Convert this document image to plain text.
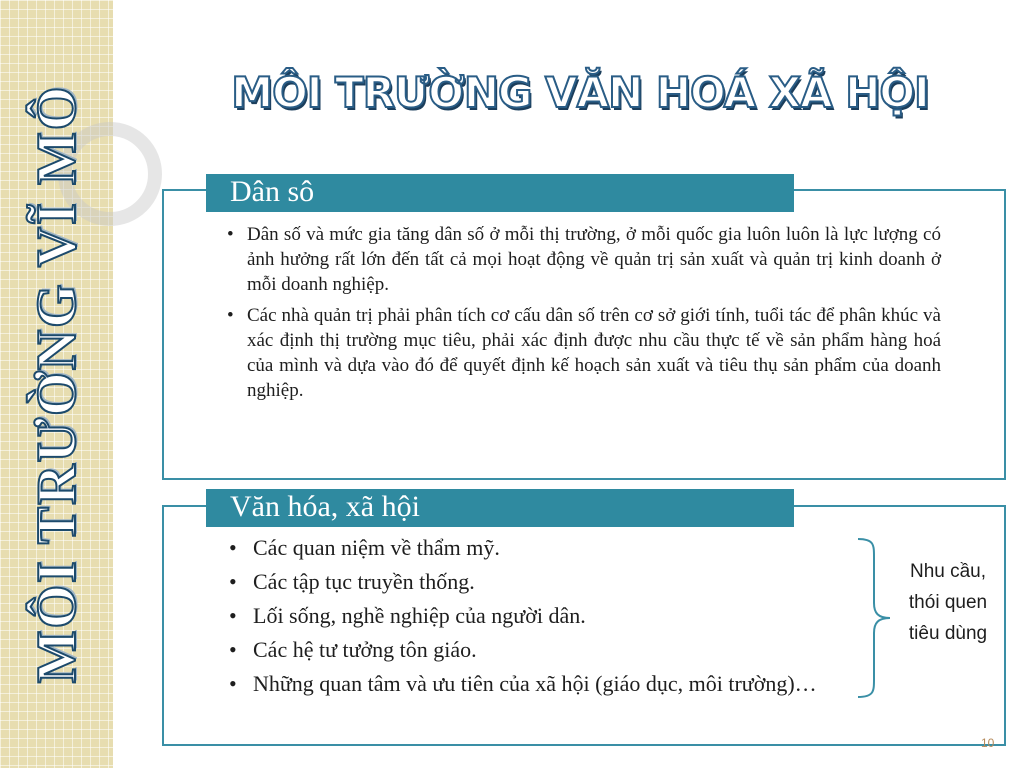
MÔI TRƯỜNG VĨ MÔ	MÔI TRƯỜNG VĂN HOÁ XÃ HỘI
Dân sô
• Dân số và mức gia tăng dân số ở mỗi thị trường, ở mỗi quốc gia luôn luôn là lực lượng có ảnh hưởng rất lớn đến tất cả mọi hoạt động về quản trị sản xuất và quản trị kinh doanh ở mỗi doanh nghiệp.
• Các nhà quản trị phải phân tích cơ cấu dân số trên cơ sở giới tính, tuổi tác để phân khúc và xác định thị trường mục tiêu, phải xác định được nhu cầu thực tế về sản phẩm hàng hoá của mình và dựa vào đó để quyết định kế hoạch sản xuất và tiêu thụ sản phẩm của doanh nghiệp.
Văn hóa, xã hội
• Các quan niệm về thẩm mỹ.
• Các tập tục truyền thống.
• Lối sống, nghề nghiệp của người dân.
• Các hệ tư tưởng tôn giáo.
• Những quan tâm và ưu tiên của xã hội (giáo dục, môi trường)…
Nhu cầu,
thói quen
tiêu dùng
10
